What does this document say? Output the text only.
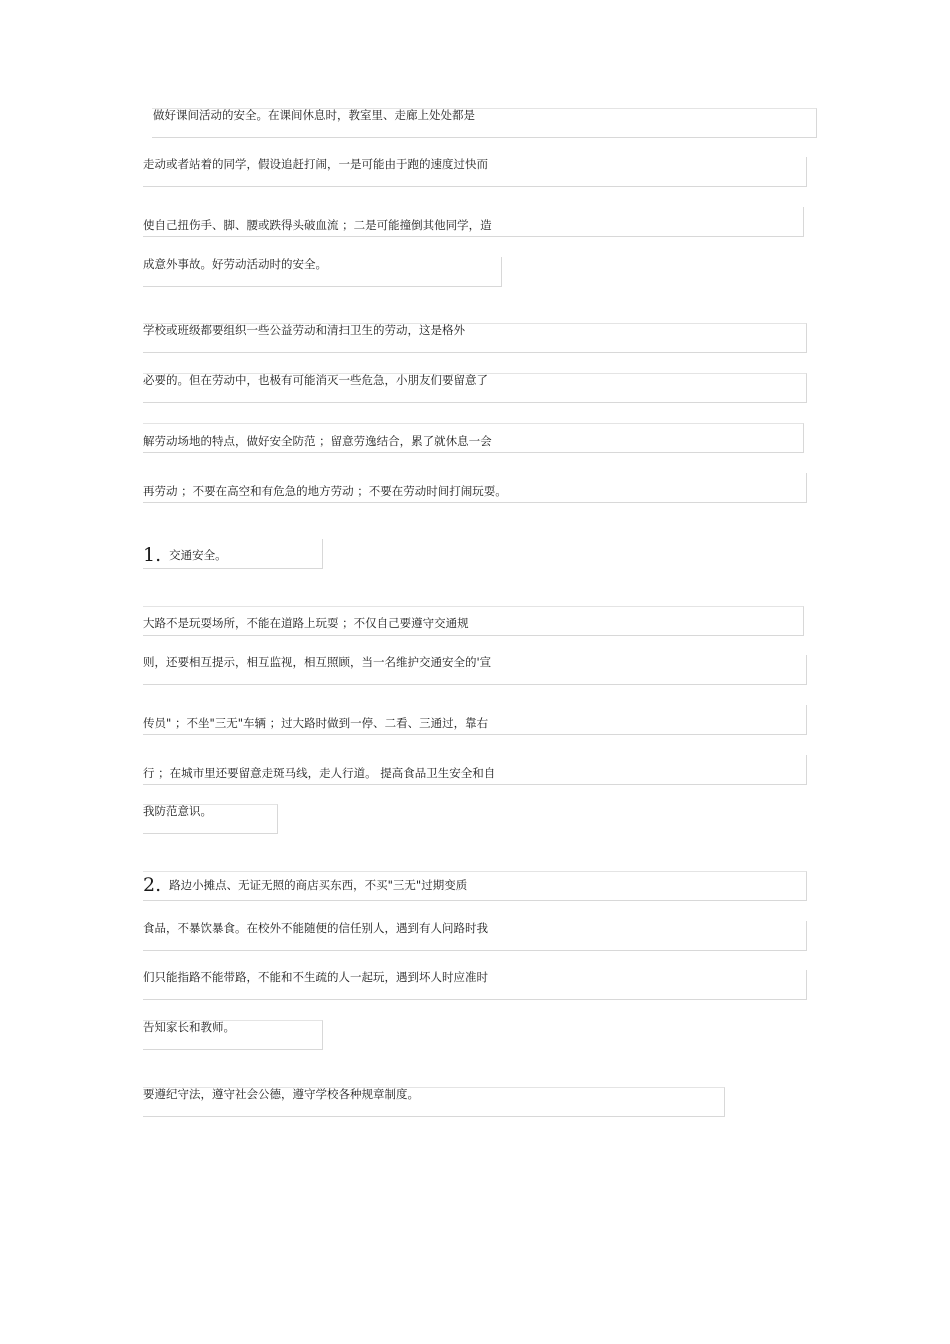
做好课间活动的安全。在课间休息时，教室里、走廊上处处都是
走动或者站着的同学，假设追赶打闹，一是可能由于跑的速度过快而
使自己扭伤手、脚、腰或跌得头破血流 ；二是可能撞倒其他同学，造
成意外事故。好劳动活动时的安全。
学校或班级都要组织一些公益劳动和清扫卫生的劳动，这是格外
必要的。但在劳动中，也极有可能消灭一些危急，小朋友们要留意了
解劳动场地的特点，做好安全防范 ；留意劳逸结合，累了就休息一会
再劳动 ；不要在高空和有危急的地方劳动 ；不要在劳动时间打闹玩耍。
1. 交通安全。
大路不是玩耍场所，不能在道路上玩耍 ；不仅自己要遵守交通规
则，还要相互提示，相互监视，相互照顾，当一名维护交通安全的'宣
传员" ；不坐"三无"车辆 ；过大路时做到一停、二看、三通过，靠右
行 ；在城市里还要留意走斑马线，走人行道。 提高食品卫生安全和自
我防范意识。
2. 路边小摊点、无证无照的商店买东西，不买"三无"过期变质
食品，不暴饮暴食。在校外不能随便的信任别人，遇到有人问路时我
们只能指路不能带路，不能和不生疏的人一起玩，遇到坏人时应准时
告知家长和教师。
要遵纪守法，遵守社会公德，遵守学校各种规章制度。
